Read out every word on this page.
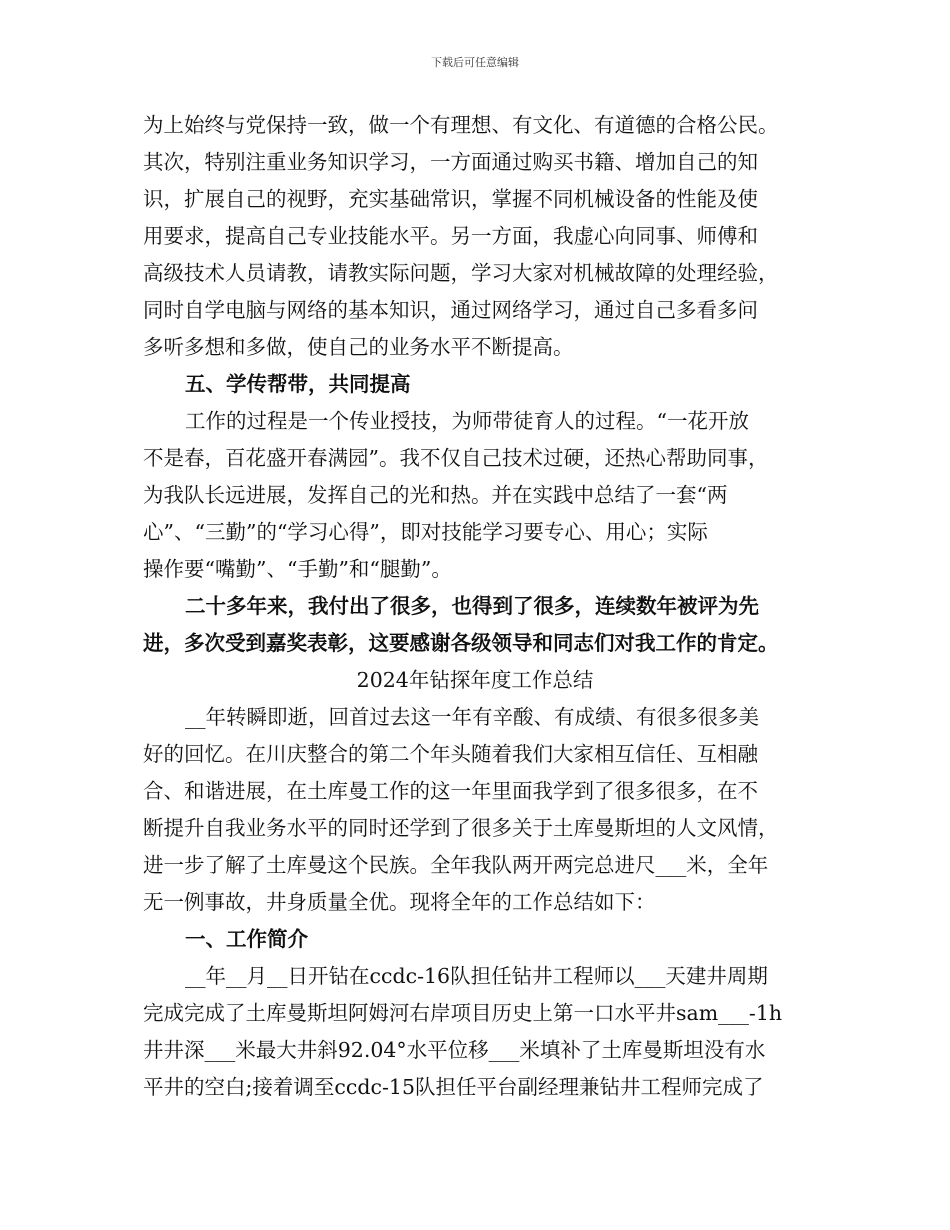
下载后可任意编辑
为上始终与党保持一致，做一个有理想、有文化、有道德的合格公民。
其次，特别注重业务知识学习，一方面通过购买书籍、增加自己的知
识，扩展自己的视野，充实基础常识，掌握不同机械设备的性能及使
用要求，提高自己专业技能水平。另一方面，我虚心向同事、师傅和
高级技术人员请教，请教实际问题，学习大家对机械故障的处理经验，
同时自学电脑与网络的基本知识，通过网络学习，通过自己多看多问
多听多想和多做，使自己的业务水平不断提高。
五、学传帮带，共同提高
工作的过程是一个传业授技，为师带徒育人的过程。“一花开放
不是春，百花盛开春满园”。我不仅自己技术过硬，还热心帮助同事，
为我队长远进展，发挥自己的光和热。并在实践中总结了一套“两
心”、“三勤”的“学习心得”，即对技能学习要专心、用心；实际
操作要“嘴勤”、“手勤”和“腿勤”。
二十多年来，我付出了很多，也得到了很多，连续数年被评为先
进，多次受到嘉奖表彰，这要感谢各级领导和同志们对我工作的肯定。
2024年钻探年度工作总结
__年转瞬即逝，回首过去这一年有辛酸、有成绩、有很多很多美
好的回忆。在川庆整合的第二个年头随着我们大家相互信任、互相融
合、和谐进展，在土库曼工作的这一年里面我学到了很多很多，在不
断提升自我业务水平的同时还学到了很多关于土库曼斯坦的人文风情，
进一步了解了土库曼这个民族。全年我队两开两完总进尺___米，全年
无一例事故，井身质量全优。现将全年的工作总结如下：
一、工作简介
__年__月__日开钻在ccdc-16队担任钻井工程师以___天建井周期
完成完成了土库曼斯坦阿姆河右岸项目历史上第一口水平井sam___-1h
井井深___米最大井斜92.04°水平位移___米填补了土库曼斯坦没有水
平井的空白;接着调至ccdc-15队担任平台副经理兼钻井工程师完成了
